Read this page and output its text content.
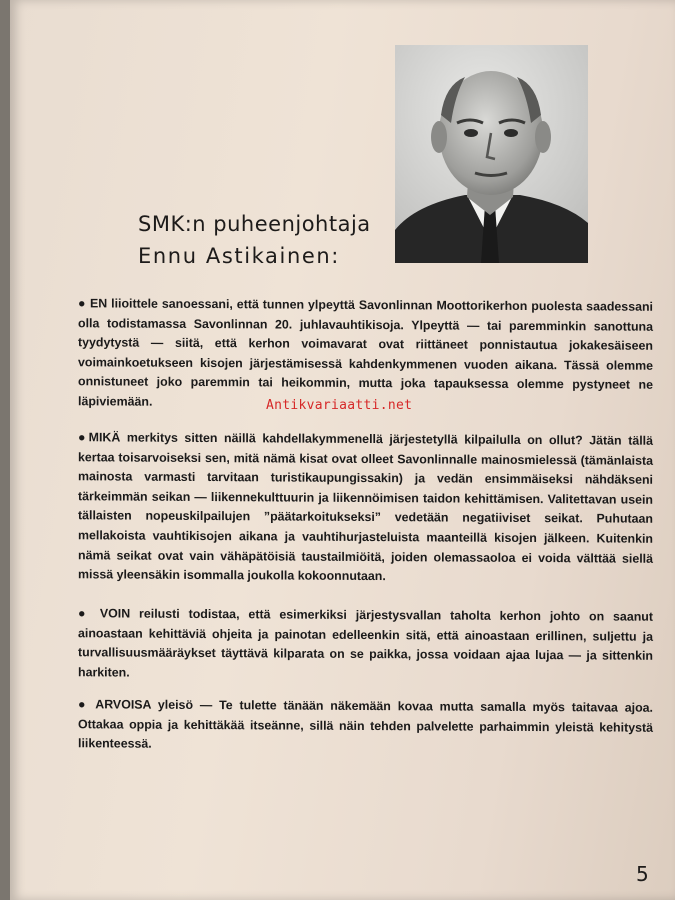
SMK:n puheenjohtaja
Ennu Astikainen:

● EN liioittele sanoessani, että tunnen ylpeyttä Savonlinnan Moottorikerhon puolesta saadessani olla todistamassa Savonlinnan 20. juhlavauhtikisoja. Ylpeyttä — tai paremminkin sanottuna tyydytystä — siitä, että kerhon voimavarat ovat riittäneet ponnistautua jokakesäiseen voimainkoetukseen kisojen järjestämisessä kahdenkymmenen vuoden aikana. Tässä olemme onnistuneet joko paremmin tai heikommin, mutta joka tapauksessa olemme pystyneet ne läpiviemään.

●MIKÄ merkitys sitten näillä kahdellakymmenellä järjestetyllä kilpailulla on ollut? Jätän tällä kertaa toisarvoiseksi sen, mitä nämä kisat ovat olleet Savonlinnalle mainosmielessä (tämänlaista mainosta varmasti tarvitaan turistikaupungissakin) ja vedän ensimmäiseksi nähdäkseni tärkeimmän seikan — liikennekulttuurin ja liikennöimisen taidon kehittämisen. Valitettavan usein tällaisten nopeuskilpailujen ”päätarkoitukseksi” vedetään negatiiviset seikat. Puhutaan mellakoista vauhtikisojen aikana ja vauhtihurjasteluista maanteillä kisojen jälkeen. Kuitenkin nämä seikat ovat vain vähäpätöisiä taustailmiöitä, joiden olemassaoloa ei voida välttää siellä missä yleensäkin isommalla joukolla kokoonnutaan.

● VOIN reilusti todistaa, että esimerkiksi järjestysvallan taholta kerhon johto on saanut ainoastaan kehittäviä ohjeita ja painotan edelleenkin sitä, että ainoastaan erillinen, suljettu ja turvallisuusmääräykset täyttävä kilparata on se paikka, jossa voidaan ajaa lujaa — ja sittenkin harkiten.

● ARVOISA yleisö — Te tulette tänään näkemään kovaa mutta samalla myös taitavaa ajoa. Ottakaa oppia ja kehittäkää itseänne, sillä näin tehden palvelette parhaimmin yleistä kehitystä liikenteessä.

Antikvariaatti.net
5
